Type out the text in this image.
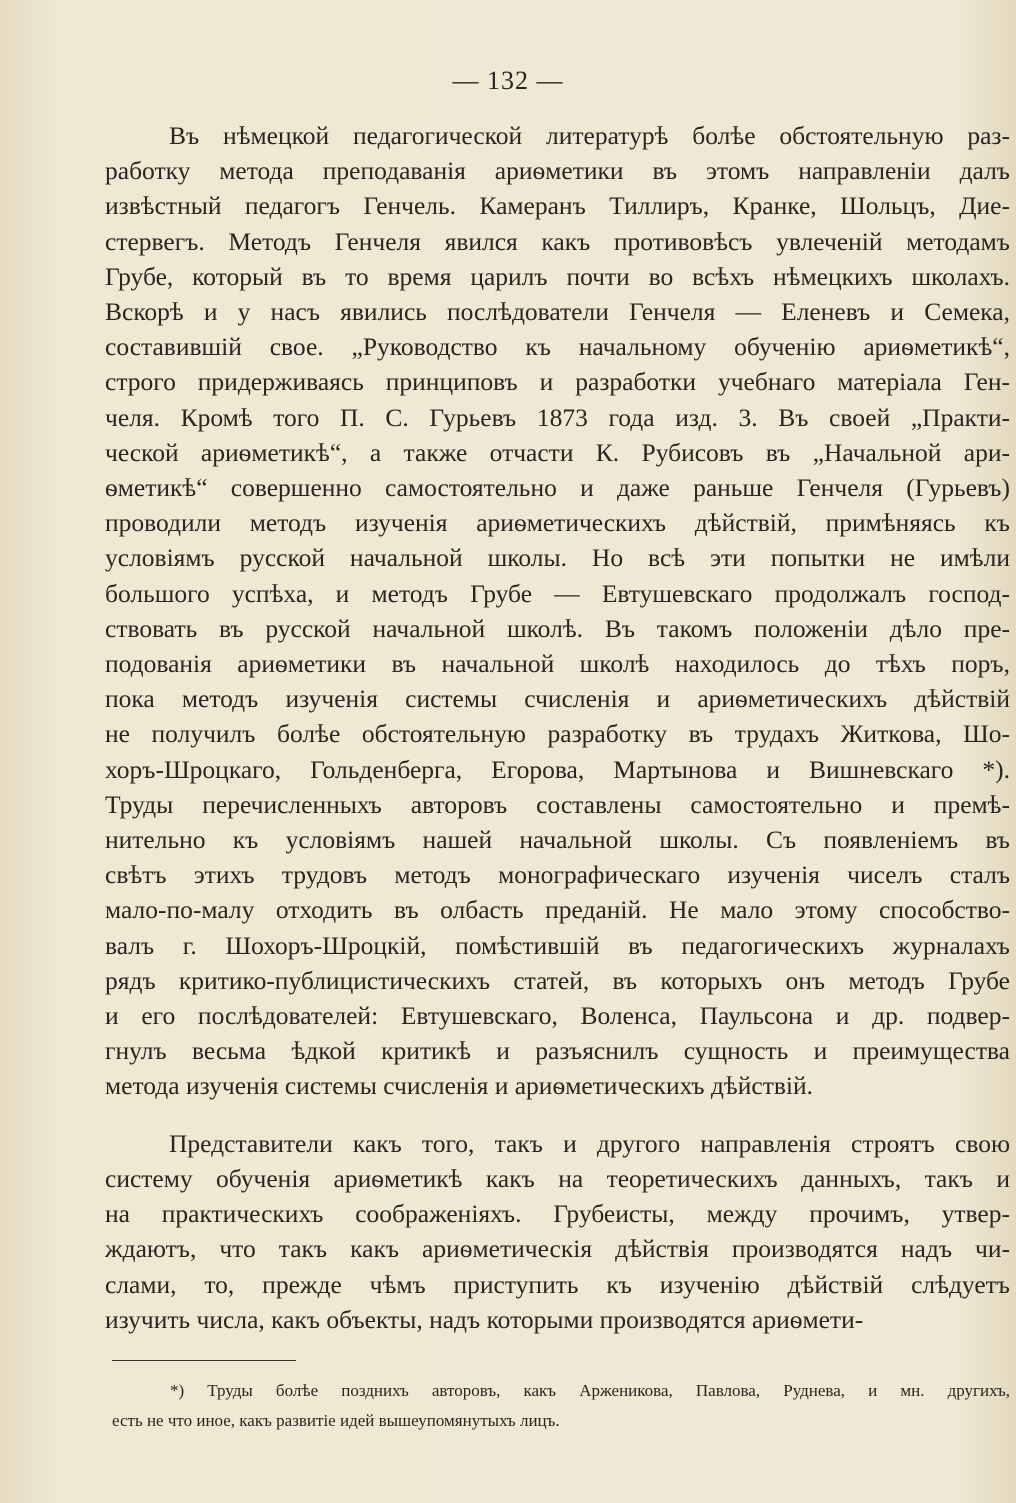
— 132 —

Въ нѣмецкой педагогической литературѣ болѣе обстоятельную раз-
работку метода преподаванія ариѳметики въ этомъ направленіи далъ
извѣстный педагогъ Генчель. Камеранъ Тиллиръ, Кранке, Шольцъ, Дие-
стервегъ. Методъ Генчеля явился какъ противовѣсъ увлеченій методамъ
Грубе, который въ то время царилъ почти во всѣхъ нѣмецкихъ школахъ.
Вскорѣ и у насъ явились послѣдователи Генчеля — Еленевъ и Семека,
составившій свое. „Руководство къ начальному обученію ариѳметикѣ“,
строго придерживаясь принциповъ и разработки учебнаго матеріала Ген-
челя. Кромѣ того П. С. Гурьевъ 1873 года изд. 3. Въ своей „Практи-
ческой ариѳметикѣ“, а также отчасти К. Рубисовъ въ „Начальной ари-
ѳметикѣ“ совершенно самостоятельно и даже раньше Генчеля (Гурьевъ)
проводили методъ изученія ариѳметическихъ дѣйствій, примѣняясь къ
условіямъ русской начальной школы. Но всѣ эти попытки не имѣли
большого успѣха, и методъ Грубе — Евтушевскаго продолжалъ господ-
ствовать въ русской начальной школѣ. Въ такомъ положеніи дѣло пре-
подованія ариѳметики въ начальной школѣ находилось до тѣхъ поръ,
пока методъ изученія системы счисленія и ариѳметическихъ дѣйствій
не получилъ болѣе обстоятельную разработку въ трудахъ Житкова, Шо-
хоръ-Шроцкаго, Гольденберга, Егорова, Мартынова и Вишневскаго *).
Труды перечисленныхъ авторовъ составлены самостоятельно и премѣ-
нительно къ условіямъ нашей начальной школы. Съ появленіемъ въ
свѣтъ этихъ трудовъ методъ монографическаго изученія чиселъ сталъ
мало-по-малу отходить въ олбасть преданій. Не мало этому способство-
валъ г. Шохоръ-Шроцкій, помѣстившій въ педагогическихъ журналахъ
рядъ критико-публицистическихъ статей, въ которыхъ онъ методъ Грубе
и его послѣдователей: Евтушевскаго, Воленса, Паульсона и др. подвер-
гнулъ весьма ѣдкой критикѣ и разъяснилъ сущность и преимущества
метода изученія системы счисленія и ариѳметическихъ дѣйствій.

Представители какъ того, такъ и другого направленія строятъ свою
систему обученія ариѳметикѣ какъ на теоретическихъ данныхъ, такъ и
на практическихъ соображеніяхъ. Грубеисты, между прочимъ, утвер-
ждаютъ, что такъ какъ ариѳметическія дѣйствія производятся надъ чи-
слами, то, прежде чѣмъ приступить къ изученію дѣйствій слѣдуетъ
изучить числа, какъ объекты, надъ которыми производятся ариѳмети-

*) Труды болѣе позднихъ авторовъ, какъ Арженикова, Павлова, Руднева, и мн. другихъ,
есть не что иное, какъ развитіе идей вышеупомянутыхъ лицъ.
